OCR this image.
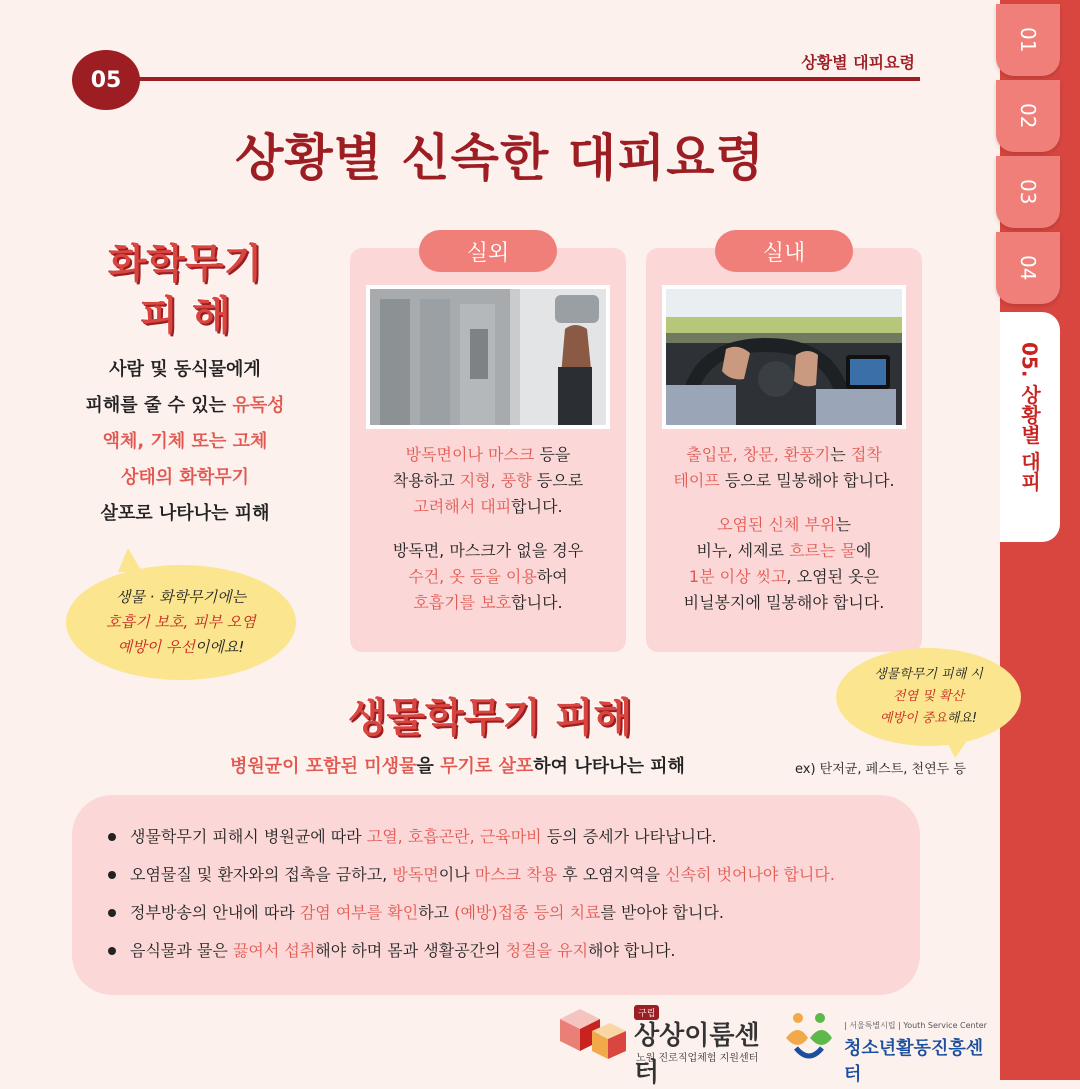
01
02
03
04
05. 상황별 대피
05
상황별 대피요령
상황별 신속한 대피요령
화학무기
피 해
사람 및 동식물에게
피해를 줄 수 있는 유독성
액체, 기체 또는 고체
상태의 화학무기
살포로 나타나는 피해
생물 · 화학무기에는
호흡기 보호, 피부 오염
예방이 우선이에요!
실외

방독면이나 마스크 등을
착용하고 지형, 풍향 등으로
고려해서 대피합니다.

방독면, 마스크가 없을 경우
수건, 옷 등을 이용하여
호흡기를 보호합니다.

실내

출입문, 창문, 환풍기는 접착
테이프 등으로 밀봉해야 합니다.

오염된 신체 부위는
비누, 세제로 흐르는 물에
1분 이상 씻고, 오염된 옷은
비닐봉지에 밀봉해야 합니다.

생물학무기 피해 시
전염 및 확산
예방이 중요해요!
생물학무기 피해
병원균이 포함된 미생물을 무기로 살포하여 나타나는 피해	ex) 탄저균, 페스트, 천연두 등
생물학무기 피해시 병원균에 따라 고열, 호흡곤란, 근육마비 등의 증세가 나타납니다.
오염물질 및 환자와의 접촉을 금하고, 방독면이나 마스크 착용 후 오염지역을 신속히 벗어나야 합니다.
정부방송의 안내에 따라 감염 여부를 확인하고 (예방)접종 등의 치료를 받아야 합니다.
음식물과 물은 끓여서 섭취해야 하며 몸과 생활공간의 청결을 유지해야 합니다.
구립
상상이룸센터
노원 진로직업체험 지원센터
| 서울특별시립 | Youth Service Center
청소년활동진흥센터
